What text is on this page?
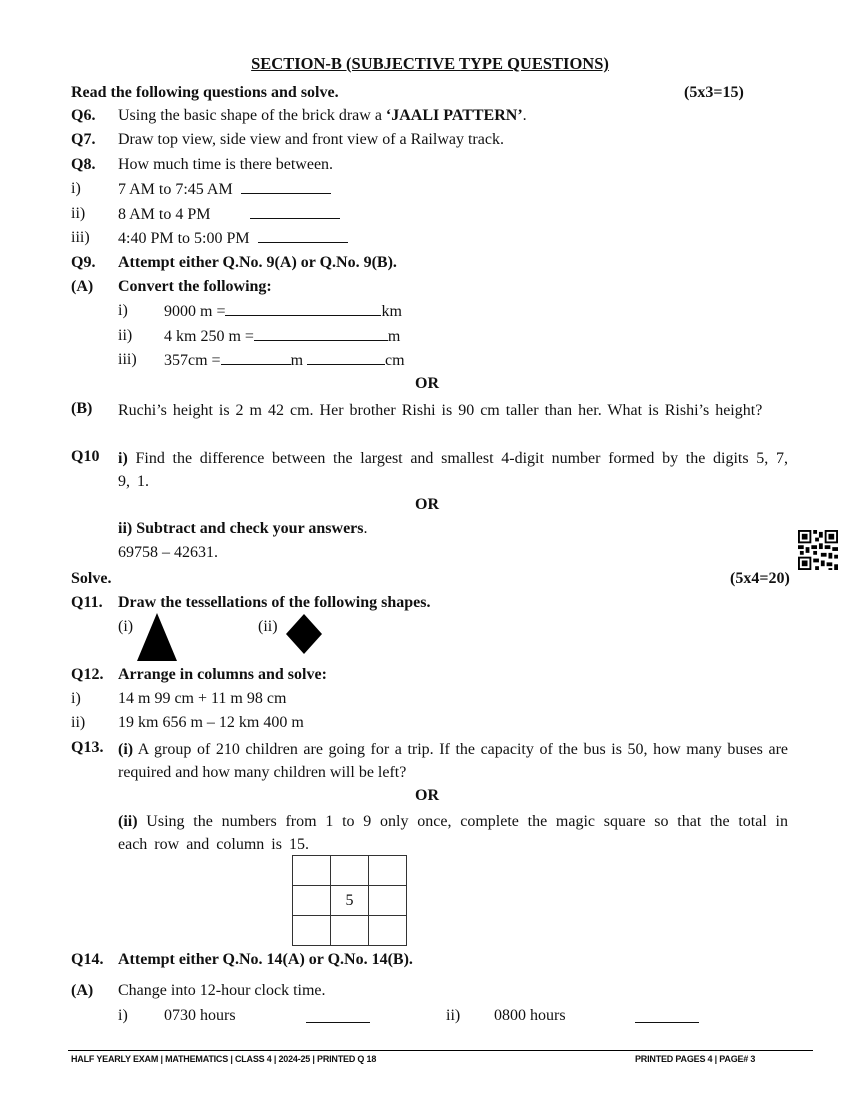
SECTION-B (SUBJECTIVE TYPE QUESTIONS)
Read the following questions and solve.	(5x3=15)
Q6. Using the basic shape of the brick draw a ‘JAALI PATTERN’.
Q7. Draw top view, side view and front view of a Railway track.
Q8. How much time is there between.
i) 7 AM to 7:45 AM
ii) 8 AM to 4 PM
iii) 4:40 PM to 5:00 PM
Q9. Attempt either Q.No. 9(A) or Q.No. 9(B).
(A) Convert the following:
i) 9000 m =	km
ii) 4 km 250 m =	m
iii) 357cm =	m	cm
OR
(B) Ruchi’s height is 2 m 42 cm. Her brother Rishi is 90 cm taller than her. What is Rishi’s height?
Q10 i) Find the difference between the largest and smallest 4-digit number formed by the digits 5, 7, 9, 1.
OR
ii) Subtract and check your answers.
69758 – 42631.
Solve.	(5x4=20)
Q11. Draw the tessellations of the following shapes.
(i)	(ii)
Q12. Arrange in columns and solve:
i) 14 m 99 cm + 11 m 98 cm
ii) 19 km 656 m – 12 km 400 m
Q13. (i) A group of 210 children are going for a trip. If the capacity of the bus is 50, how many buses are required and how many children will be left?
OR
(ii) Using the numbers from 1 to 9 only once, complete the magic square so that the total in each row and column is 15.

	5	

Q14. Attempt either Q.No. 14(A) or Q.No. 14(B).
(A) Change into 12-hour clock time.
i) 0730 hours	ii) 0800 hours
HALF YEARLY EXAM | MATHEMATICS | CLASS 4 | 2024-25 | PRINTED Q 18	PRINTED PAGES 4 | PAGE# 3
